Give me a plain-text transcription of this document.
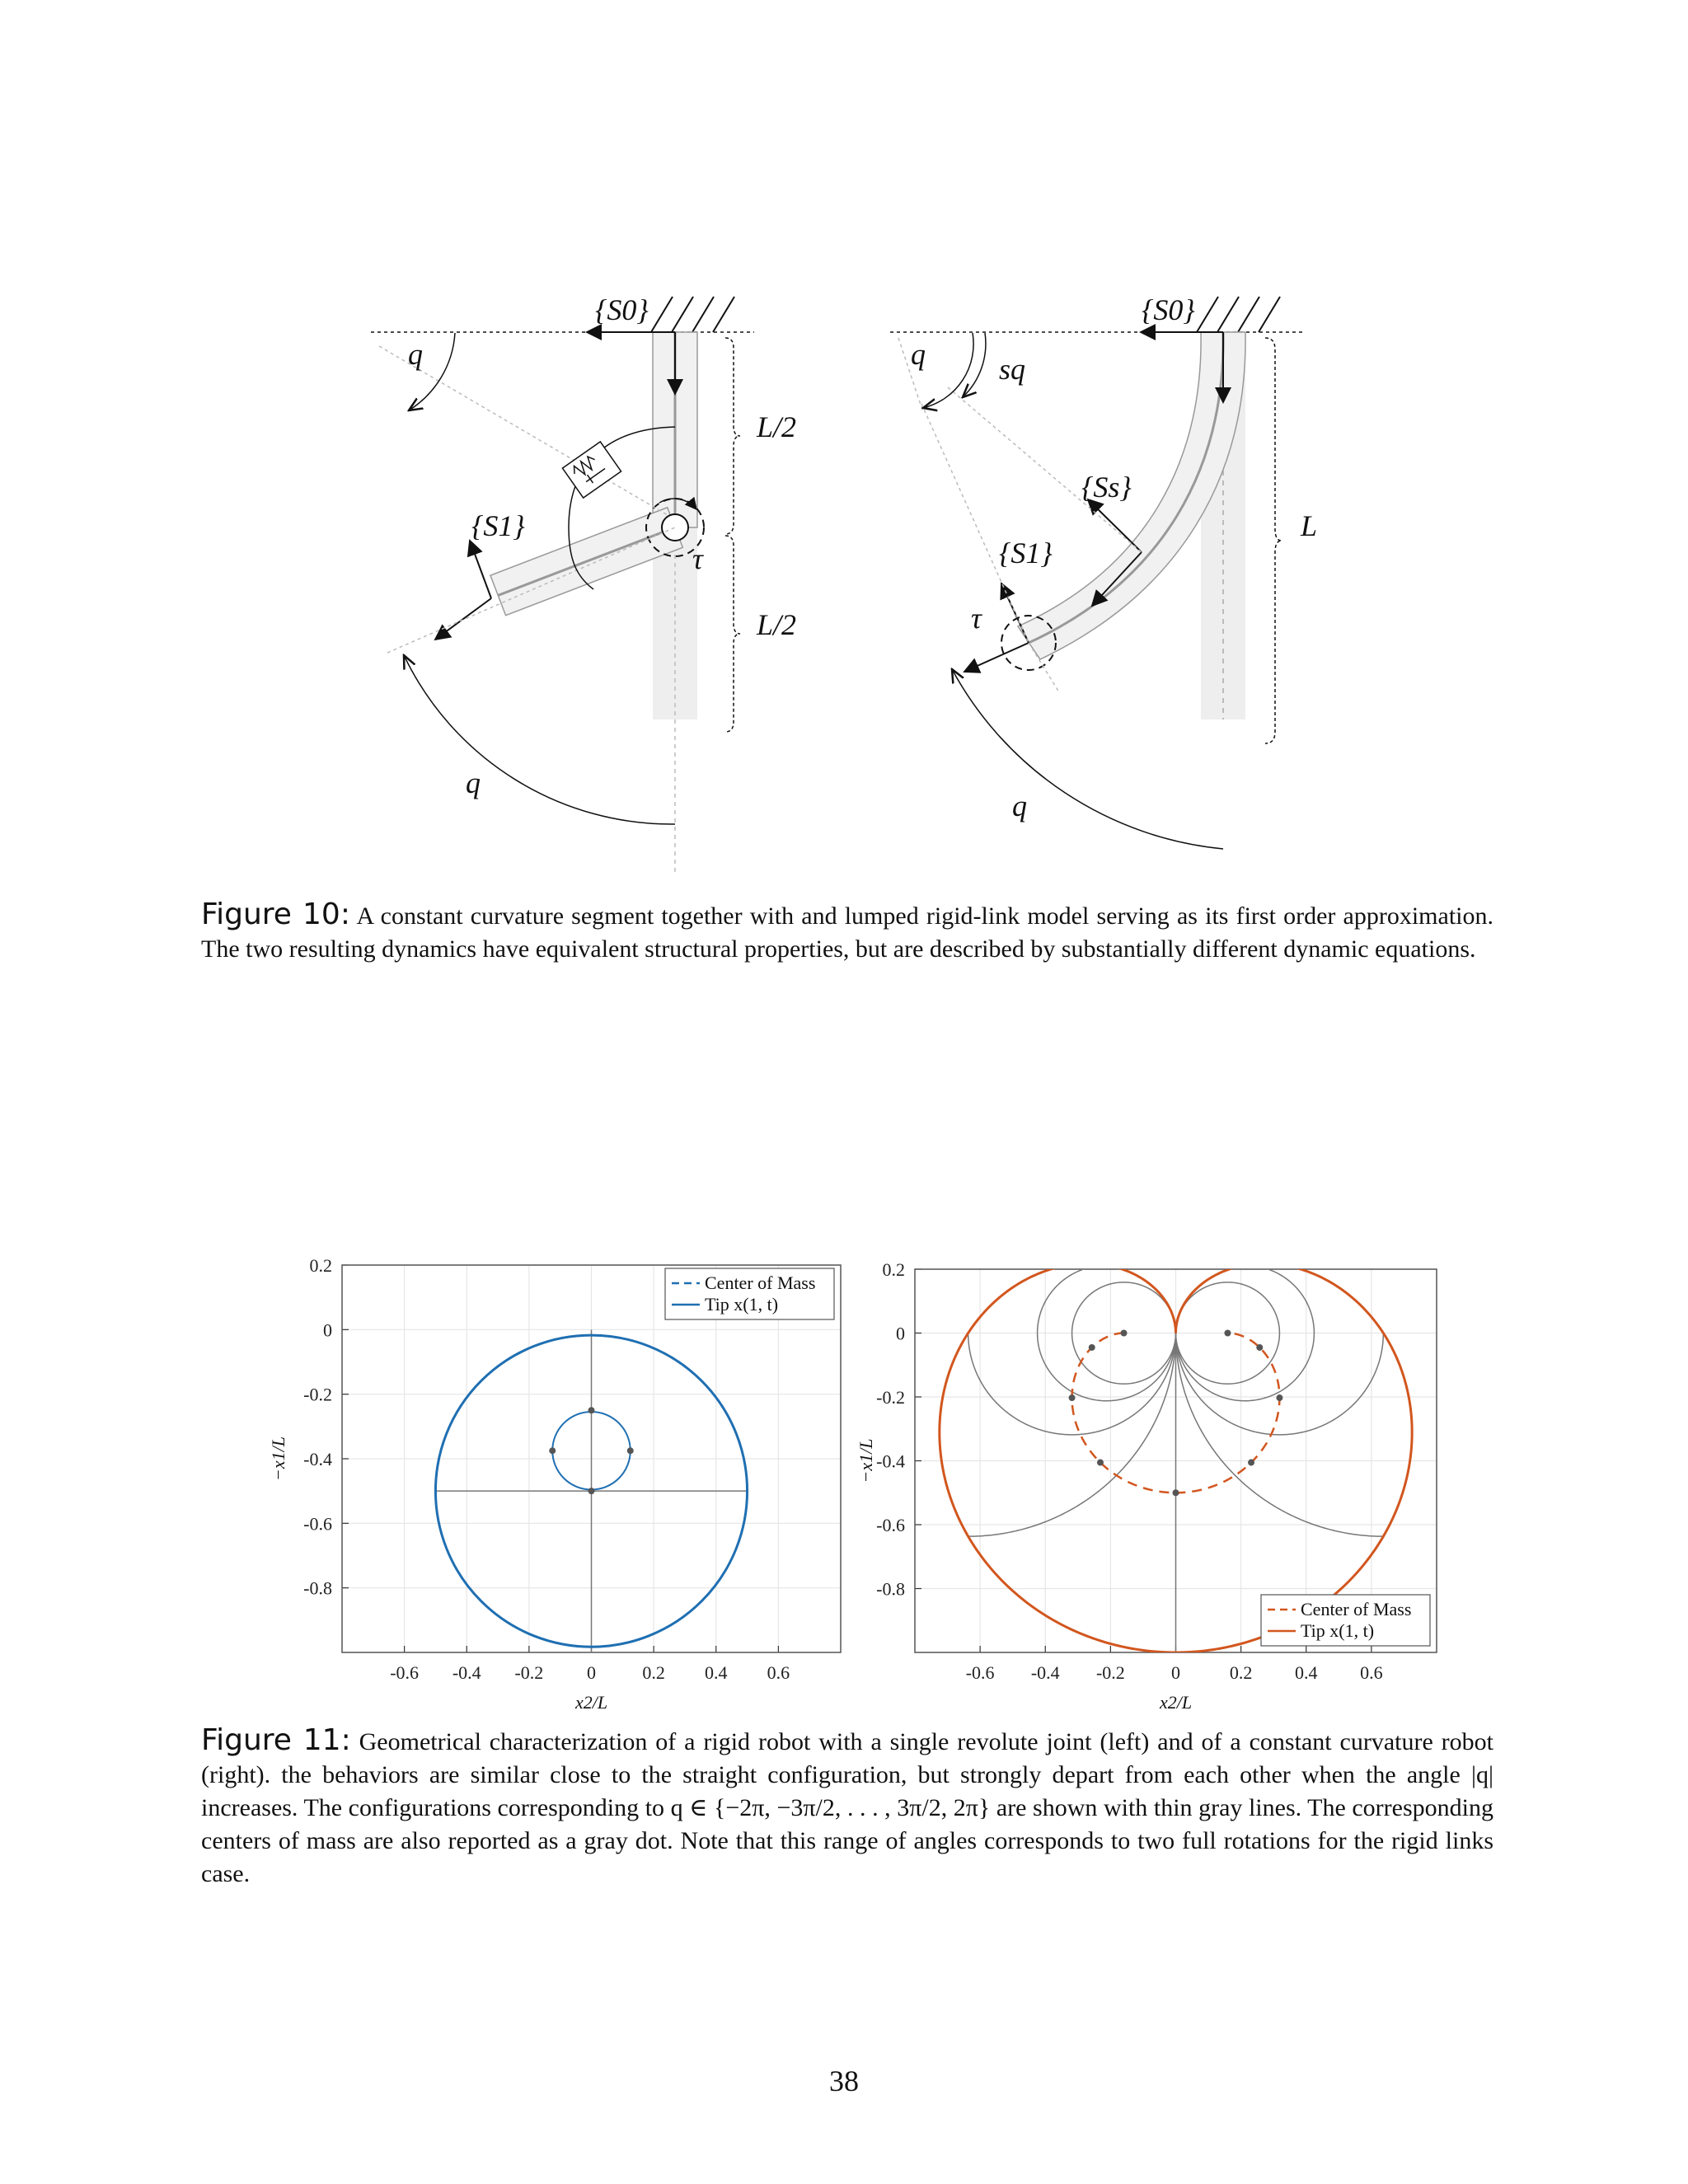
{S0}
{S1}
q
q
τ
L/2
L/2
{S0}
{Ss}
{S1}
q sq
q
τ
L
Figure 10: A constant curvature segment together with and lumped rigid-link model serving as its first order approximation. The two resulting dynamics have equivalent structural properties, but are described by substantially different dynamic equations.
-0.6 -0.4 -0.2 0	0.2 0.4 0.6
0.2
0
-0.2
-0.4
-0.6
-0.8
x2/L
−x1/L
Center of Mass
Tip x(1, t)
-0.6 -0.4 -0.2	0	0.2 0.4 0.6
0.2
0
-0.2
-0.4
-0.6
-0.8
x2/L
−x1/L
Center of Mass
Tip x(1, t)
Figure 11: Geometrical characterization of a rigid robot with a single revolute joint (left) and of a constant curvature robot (right). the behaviors are similar close to the straight configuration, but strongly depart from each other when the angle |q| increases. The configurations corresponding to q ∈ {−2π, −3π/2, . . . , 3π/2, 2π} are shown with thin gray lines. The corresponding centers of mass are also reported as a gray dot. Note that this range of angles corresponds to two full rotations for the rigid links case.
38
